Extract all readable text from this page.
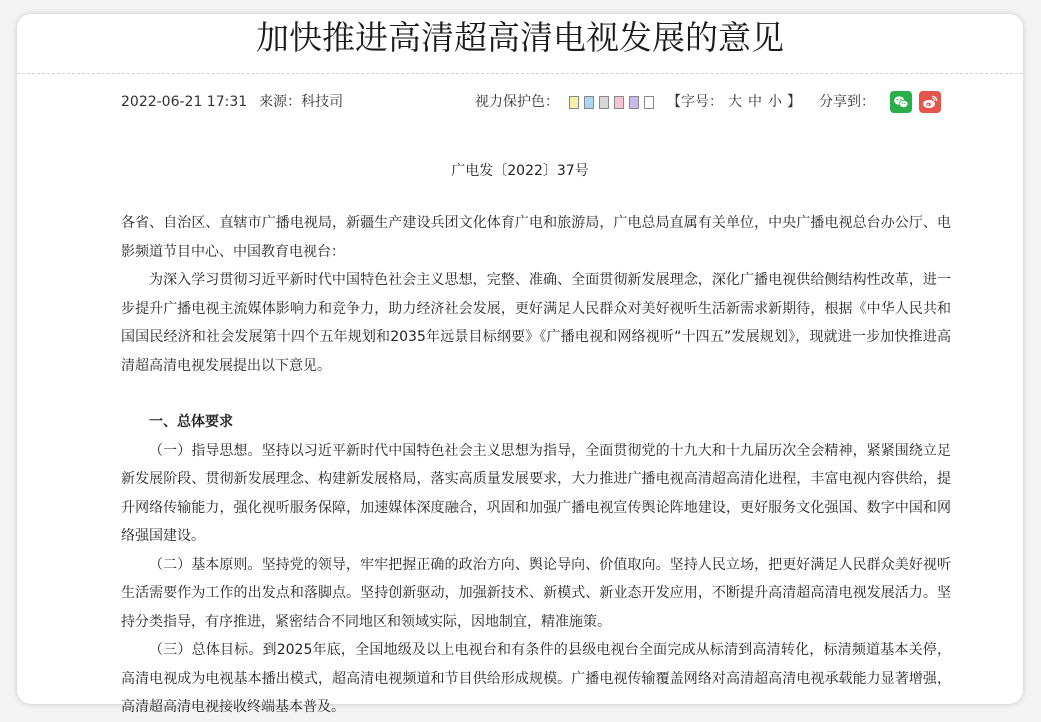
加快推进高清超高清电视发展的意见
2022-06-21 17:31 来源：科技司	视力保护色：	【字号： 大 中 小 】 分享到：
广电发〔2022〕37号

各省、自治区、直辖市广播电视局，新疆生产建设兵团文化体育广电和旅游局，广电总局直属有关单位，中央广播电视总台办公厅、电影频道节目中心、中国教育电视台：

为深入学习贯彻习近平新时代中国特色社会主义思想，完整、准确、全面贯彻新发展理念，深化广播电视供给侧结构性改革，进一步提升广播电视主流媒体影响力和竞争力，助力经济社会发展，更好满足人民群众对美好视听生活新需求新期待，根据《中华人民共和国国民经济和社会发展第十四个五年规划和2035年远景目标纲要》《广播电视和网络视听“十四五”发展规划》，现就进一步加快推进高清超高清电视发展提出以下意见。

一、总体要求

（一）指导思想。坚持以习近平新时代中国特色社会主义思想为指导，全面贯彻党的十九大和十九届历次全会精神，紧紧围绕立足新发展阶段、贯彻新发展理念、构建新发展格局，落实高质量发展要求，大力推进广播电视高清超高清化进程，丰富电视内容供给，提升网络传输能力，强化视听服务保障，加速媒体深度融合，巩固和加强广播电视宣传舆论阵地建设，更好服务文化强国、数字中国和网络强国建设。

（二）基本原则。坚持党的领导，牢牢把握正确的政治方向、舆论导向、价值取向。坚持人民立场，把更好满足人民群众美好视听生活需要作为工作的出发点和落脚点。坚持创新驱动，加强新技术、新模式、新业态开发应用，不断提升高清超高清电视发展活力。坚持分类指导，有序推进，紧密结合不同地区和领域实际，因地制宜，精准施策。

（三）总体目标。到2025年底，全国地级及以上电视台和有条件的县级电视台全面完成从标清到高清转化，标清频道基本关停，高清电视成为电视基本播出模式，超高清电视频道和节目供给形成规模。广播电视传输覆盖网络对高清超高清电视承载能力显著增强，高清超高清电视接收终端基本普及。
